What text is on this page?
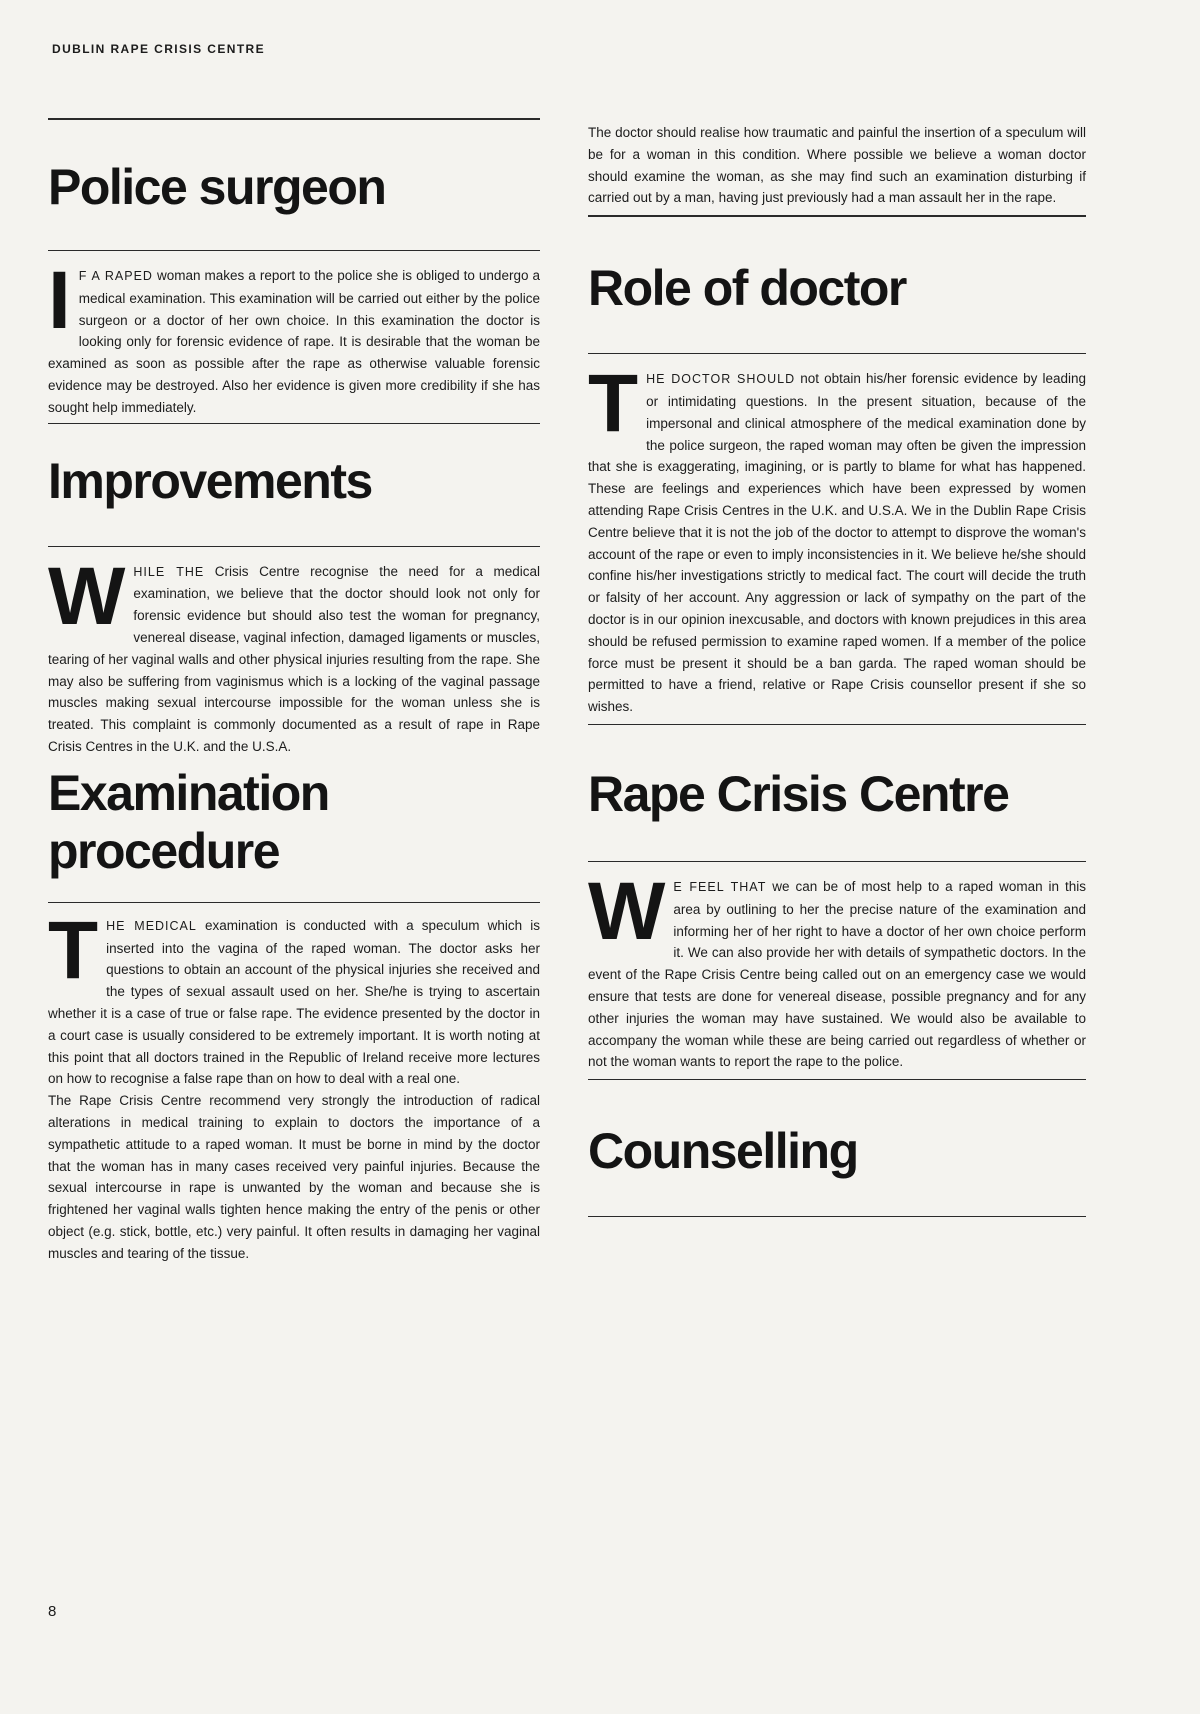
DUBLIN RAPE CRISIS CENTRE
Police surgeon

I F A RAPED woman makes a report to the police she is obliged to undergo a medical examination. This examination will be carried out either by the police surgeon or a doctor of her own choice. In this examination the doctor is looking only for forensic evidence of rape. It is desirable that the woman be examined as soon as possible after the rape as otherwise valuable forensic evidence may be destroyed. Also her evidence is given more credibility if she has sought help immediately.

Improvements

WHILE THE Crisis Centre recognise the need for a medical examination, we believe that the doctor should look not only for forensic evidence but should also test the woman for pregnancy, venereal disease, vaginal infection, damaged ligaments or muscles, tearing of her vaginal walls and other physical injuries resulting from the rape. She may also be suffering from vaginismus which is a locking of the vaginal passage muscles making sexual intercourse impossible for the woman unless she is treated. This complaint is commonly documented as a result of rape in Rape Crisis Centres in the U.K. and the U.S.A.

Examination
procedure

THE MEDICAL examination is conducted with a speculum which is inserted into the vagina of the raped woman. The doctor asks her questions to obtain an account of the physical injuries she received and the types of sexual assault used on her. She/he is trying to ascertain whether it is a case of true or false rape. The evidence presented by the doctor in a court case is usually considered to be extremely important. It is worth noting at this point that all doctors trained in the Republic of Ireland receive more lectures on how to recognise a false rape than on how to deal with a real one.

The Rape Crisis Centre recommend very strongly the introduction of radical alterations in medical training to explain to doctors the importance of a sympathetic attitude to a raped woman. It must be borne in mind by the doctor that the woman has in many cases received very painful injuries. Because the sexual intercourse in rape is unwanted by the woman and because she is frightened her vaginal walls tighten hence making the entry of the penis or other object (e.g. stick, bottle, etc.) very painful. It often results in damaging her vaginal muscles and tearing of the tissue.

The doctor should realise how traumatic and painful the insertion of a speculum will be for a woman in this condition. Where possible we believe a woman doctor should examine the woman, as she may find such an examination disturbing if carried out by a man, having just previously had a man assault her in the rape.

Role of doctor

THE DOCTOR SHOULD not obtain his/her forensic evidence by leading or intimidating questions. In the present situation, because of the impersonal and clinical atmosphere of the medical examination done by the police surgeon, the raped woman may often be given the impression that she is exaggerating, imagining, or is partly to blame for what has happened. These are feelings and experiences which have been expressed by women attending Rape Crisis Centres in the U.K. and U.S.A. We in the Dublin Rape Crisis Centre believe that it is not the job of the doctor to attempt to disprove the woman's account of the rape or even to imply inconsistencies in it. We believe he/she should confine his/her investigations strictly to medical fact. The court will decide the truth or falsity of her account. Any aggression or lack of sympathy on the part of the doctor is in our opinion inexcusable, and doctors with known prejudices in this area should be refused permission to examine raped women. If a member of the police force must be present it should be a ban garda. The raped woman should be permitted to have a friend, relative or Rape Crisis counsellor present if she so wishes.

Rape Crisis Centre

W E FEEL THAT we can be of most help to a raped woman in this area by outlining to her the precise nature of the examination and informing her of her right to have a doctor of her own choice perform it. We can also provide her with details of sympathetic doctors. In the event of the Rape Crisis Centre being called out on an emergency case we would ensure that tests are done for venereal disease, possible pregnancy and for any other injuries the woman may have sustained. We would also be available to accompany the woman while these are being carried out regardless of whether or not the woman wants to report the rape to the police.

Counselling
8
